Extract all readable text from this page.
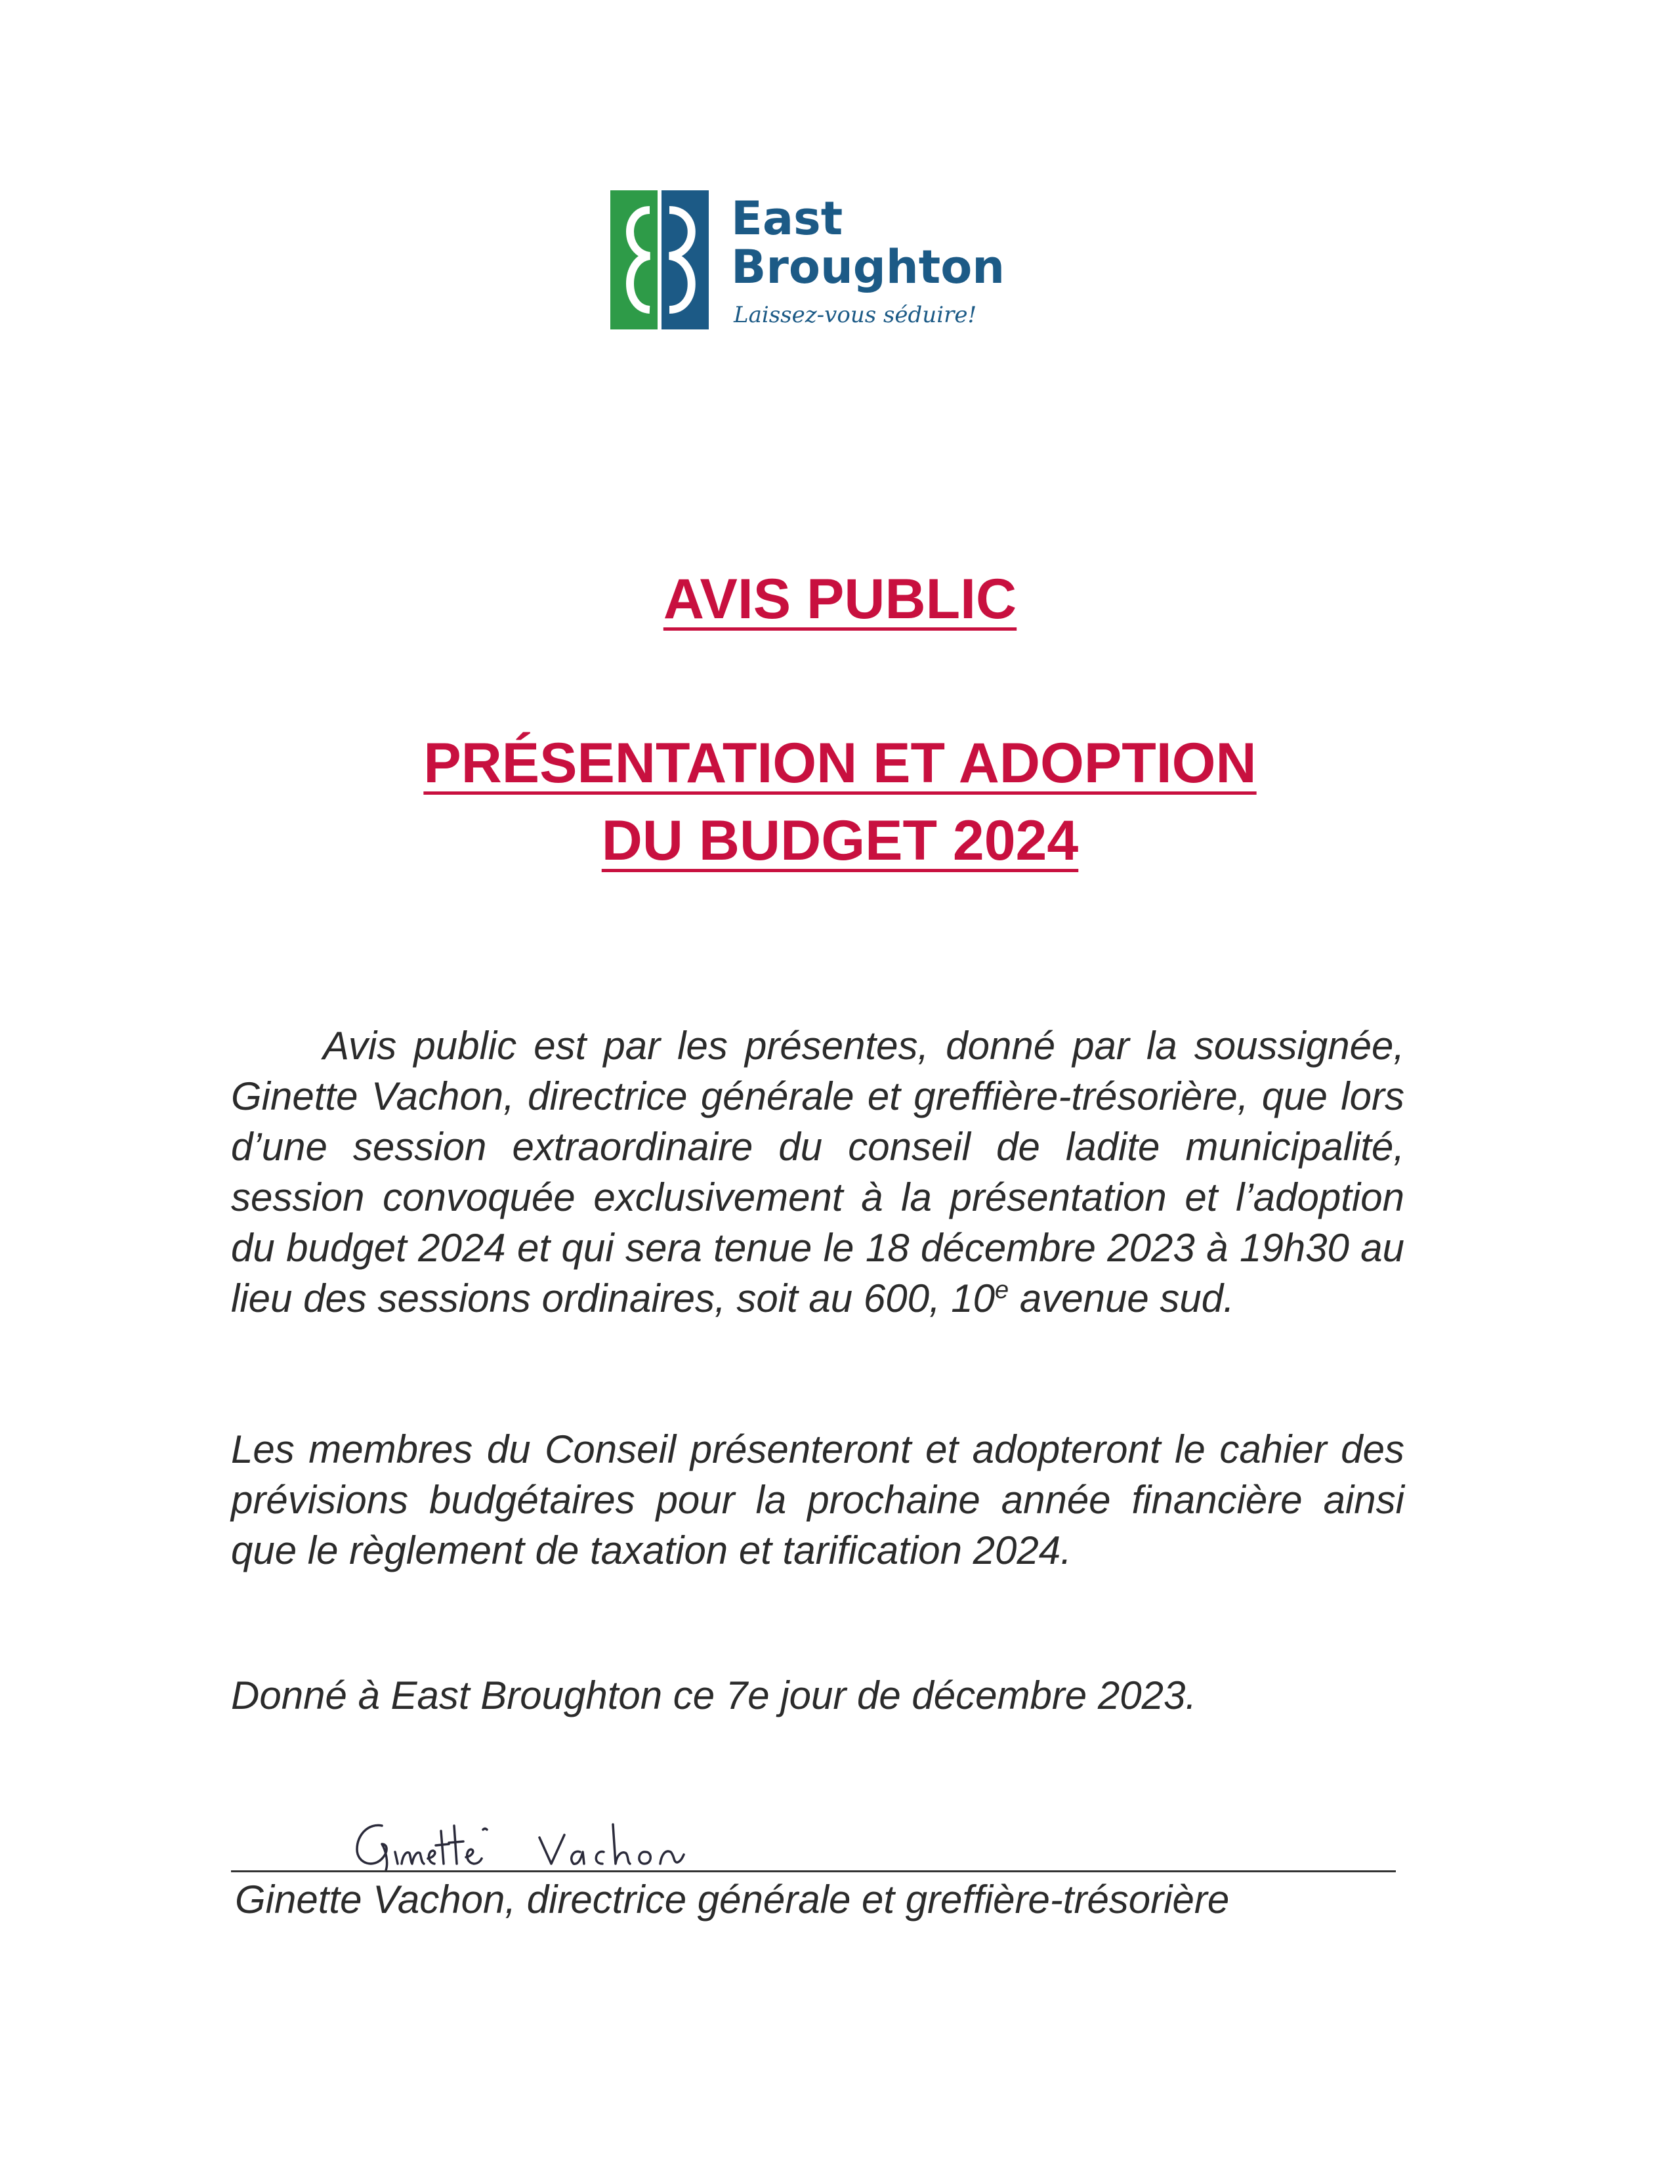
East
Broughton
Laissez-vous séduire!
AVIS PUBLIC
PRÉSENTATION ET ADOPTION
DU BUDGET 2024

Avis public est par les présentes, donné par la soussignée, Ginette Vachon, directrice générale et greffière-trésorière, que lors d’une session extraordinaire du conseil de ladite municipalité, session convoquée exclusivement à la présentation et l’adoption du budget 2024 et qui sera tenue le 18 décembre 2023 à 19h30 au lieu des sessions ordinaires, soit au 600, 10e avenue sud.

Les membres du Conseil présenteront et adopteront le cahier des prévisions budgétaires pour la prochaine année financière ainsi que le règlement de taxation et tarification 2024.

Donné à East Broughton ce 7e jour de décembre 2023.

Ginette Vachon, directrice générale et greffière-trésorière
